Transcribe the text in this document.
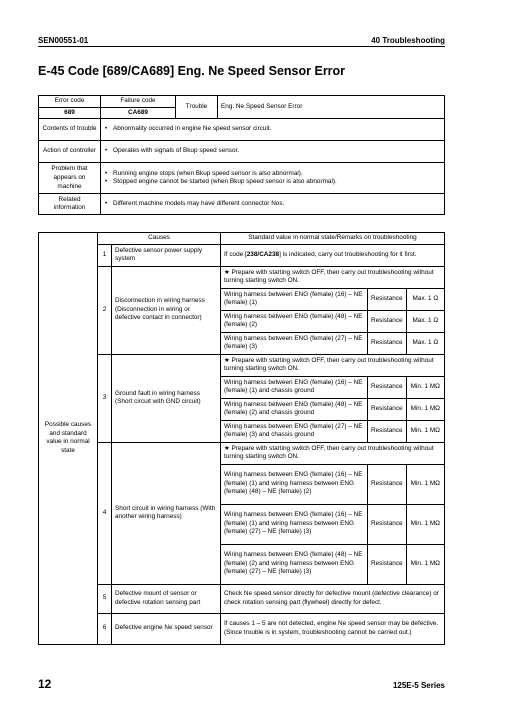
SEN00551-01	40 Troubleshooting
E-45 Code [689/CA689] Eng. Ne Speed Sensor Error
Error code	Failure code	Trouble	Eng. Ne Speed Sensor Error
689	CA689		
Contents of trouble	• Abnormality occurred in engine Ne speed sensor circuit.

Action of controller	• Operates with signals of Bkup speed sensor.

Problem that appears on machine	• Running engine stops (when Bkup speed sensor is also abnormal).
• Stopped engine cannot be started (when Bkup speed sensor is also abnormal).

Related information	• Different machine models may have different connector Nos.
Possible causes and standard value in normal state	Causes		Standard value in normal state/Remarks on troubleshooting		
	1	Defective sensor power supply system	If code [238/CA238] is indicated, carry out troubleshooting for it first.		
	2	Disconnection in wiring harness (Disconnection in wiring or defective contact in connector)	★ Prepare with starting switch OFF, then carry out troubleshooting without turning starting switch ON.		
			Wiring harness between ENG (female) (16) – NE (female) (1)	Resistance	Max. 1 Ω
			Wiring harness between ENG (female) (48) – NE (female) (2)	Resistance	Max. 1 Ω
			Wiring harness between ENG (female) (27) – NE (female) (3)	Resistance	Max. 1 Ω
	3	Ground fault in wiring harness (Short circuit with GND circuit)	★ Prepare with starting switch OFF, then carry out troubleshooting without turning starting switch ON.		
			Wiring harness between ENG (female) (16) – NE (female) (1) and chassis ground	Resistance	Min. 1 MΩ
			Wiring harness between ENG (female) (48) – NE (female) (2) and chassis ground	Resistance	Min. 1 MΩ
			Wiring harness between ENG (female) (27) – NE (female) (3) and chassis ground	Resistance	Min. 1 MΩ
	4	Short circuit in wiring harness (With another wiring harness)	★ Prepare with starting switch OFF, then carry out troubleshooting without turning starting switch ON.		
			Wiring harness between ENG (female) (16) – NE (female) (1) and wiring harness between ENG (female) (48) – NE (female) (2)	Resistance	Min. 1 MΩ
			Wiring harness between ENG (female) (16) – NE (female) (1) and wiring harness between ENG (female) (27) – NE (female) (3)	Resistance	Min. 1 MΩ
			Wiring harness between ENG (female) (48) – NE (female) (2) and wiring harness between ENG (female) (27) – NE (female) (3)	Resistance	Min. 1 MΩ
	5	Defective mount of sensor or defective rotation sensing part	Check Ne speed sensor directly for defective mount (defective clearance) or check rotation sensing part (flywheel) directly for defect.		
	6	Defective engine Ne speed sensor	If causes 1 – 5 are not detected, engine Ne speed sensor may be defective. (Since trouble is in system, troubleshooting cannot be carried out.)		
12	125E-5 Series
